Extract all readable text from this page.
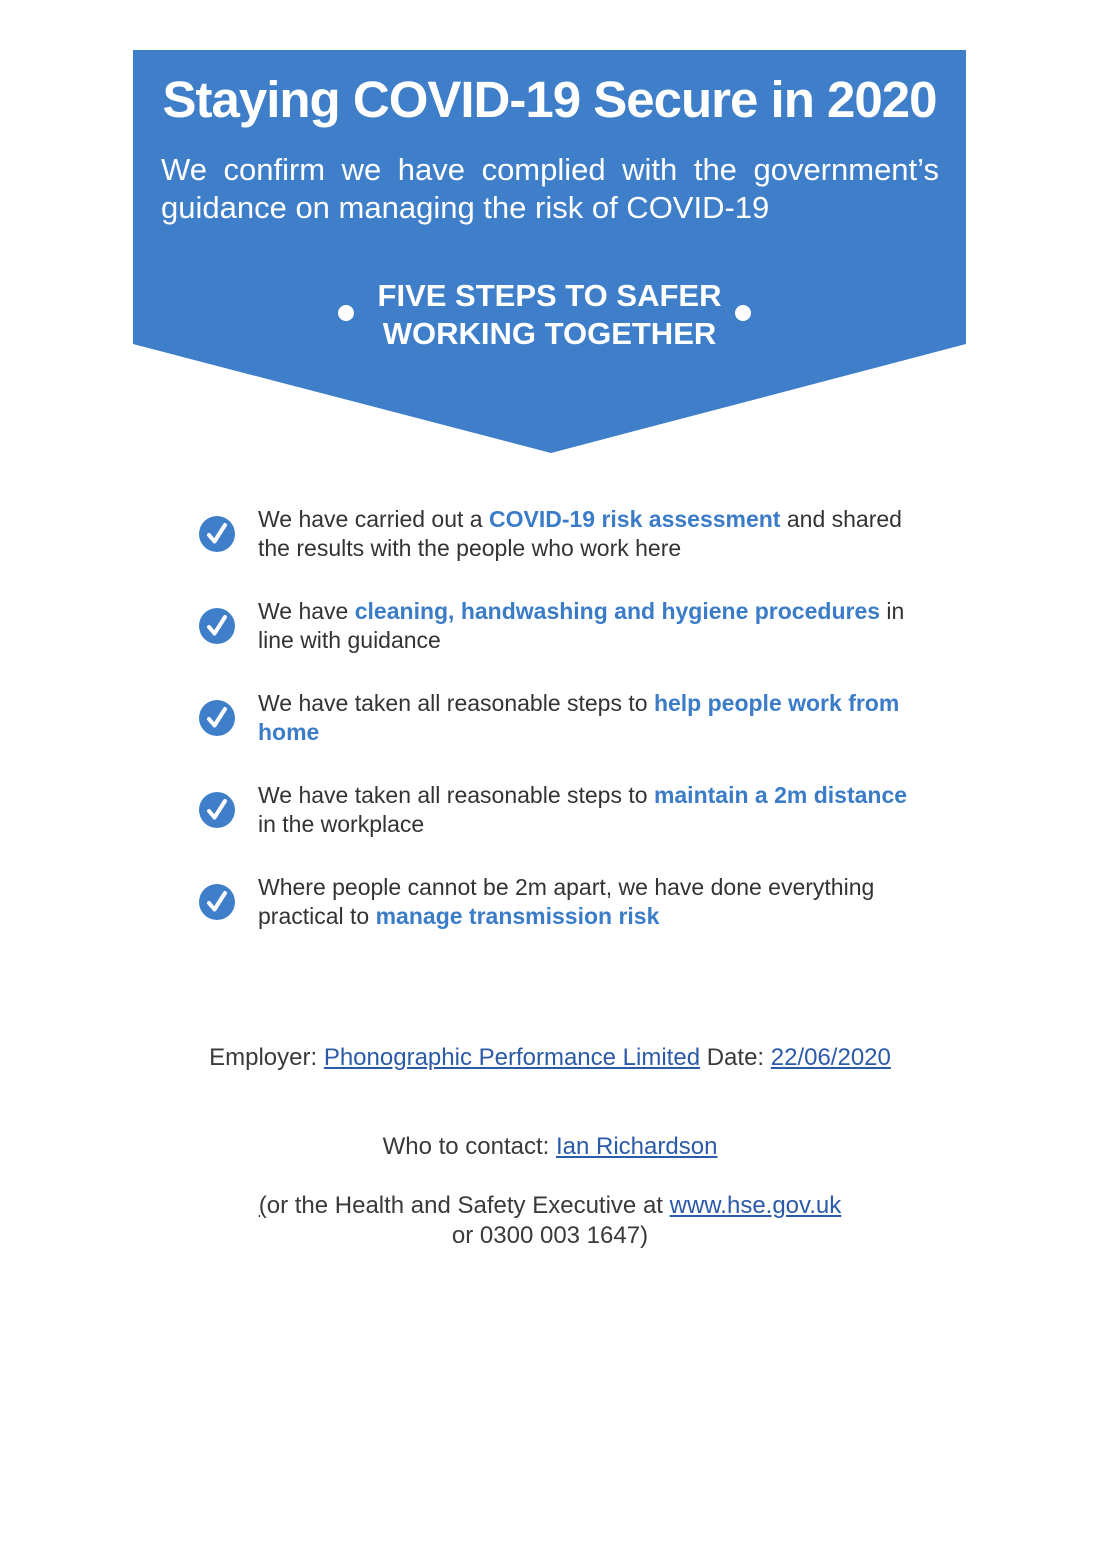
Staying COVID-19 Secure in 2020

We confirm we have complied with the government’s guidance on managing the risk of COVID-19

FIVE STEPS TO SAFER
WORKING TOGETHER
We have carried out a COVID-19 risk assessment and shared the results with the people who work here
We have cleaning, handwashing and hygiene procedures in line with guidance
We have taken all reasonable steps to help people work from home
We have taken all reasonable steps to maintain a 2m distance in the workplace
Where people cannot be 2m apart, we have done everything practical to manage transmission risk
Employer: Phonographic Performance Limited Date: 22/06/2020
Who to contact: Ian Richardson
(or the Health and Safety Executive at www.hse.gov.uk
or 0300 003 1647)
